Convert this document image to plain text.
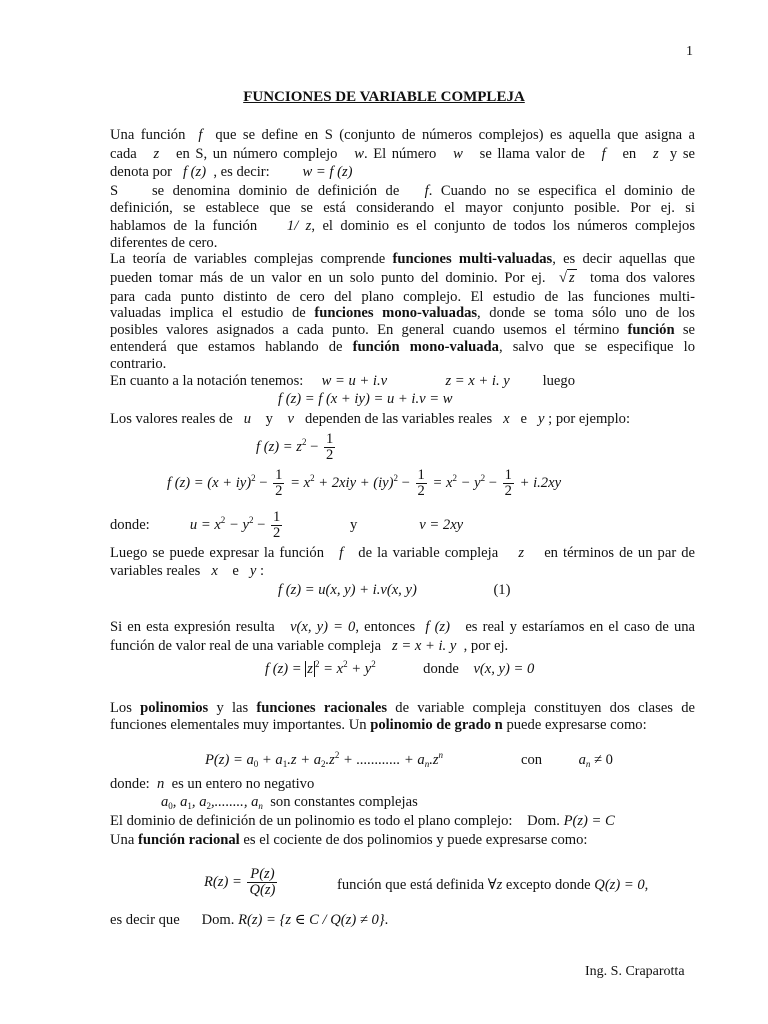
1
FUNCIONES DE VARIABLE COMPLEJA
Una función f que se define en S (conjunto de números complejos) es aquella que asigna a
cada z en S, un número complejo w. El número w se llama valor de f en z y se
denota por f (z) , es decir: w = f (z)
S se denomina dominio de definición de f. Cuando no se especifica el dominio de
definición, se establece que se está considerando el mayor conjunto posible. Por ej. si
hablamos de la función 1/ z, el dominio es el conjunto de todos los números complejos
diferentes de cero.
La teoría de variables complejas comprende funciones multi-valuadas, es decir aquellas que
pueden tomar más de un valor en un solo punto del dominio. Por ej. √ z toma dos valores
para cada punto distinto de cero del plano complejo. El estudio de las funciones multi-
valuadas implica el estudio de funciones mono-valuadas, donde se toma sólo uno de los
posibles valores asignados a cada punto. En general cuando usemos el término función se
entenderá que estamos hablando de función mono-valuada, salvo que se especifique lo
contrario.
En cuanto a la notación tenemos: w = u + i.v	z = x + i. y luego
f (z) = f (x + iy) = u + i.v = w
Los valores reales de u y v dependen de las variables reales x e y ; por ejemplo:
f $(z) = z^2 - \frac{1}{2}$
f $(z) = (x + iy)^2 - \frac{1}{2} = x^2 + 2xiy + (iy)^2 - \frac{1}{2} = x^2 - y^2 - \frac{1}{2} + i.2xy$
donde:	$u = x^2 - y^2 - \frac{1}{2}$	y	v = 2xy
Luego se puede expresar la función f de la variable compleja z en términos de un par de
variables reales x e y :
f (z) = u(x, y) + i.v(x, y)	(1)
Si en esta expresión resulta v(x, y) = 0, entonces f (z) es real y estaríamos en el caso de una
función de valor real de una variable compleja z = x + i. y , por ej.
f (z) = z $^2 = x^2 + y^2$	donde v(x, y) = 0
Los polinomios y las funciones racionales de variable compleja constituyen dos clases de
funciones elementales muy importantes. Un polinomio de grado n puede expresarse como:
$P(z) = a_0 + a_1.z + a_2.z^2$ + ............ + $a_n.z^n$	con $a_n \ne 0$
donde: n es un entero no negativo
$a_0$, $a_1$, $a_2$,........, $a_n$ son constantes complejas
El dominio de definición de un polinomio es todo el plano complejo: Dom. P(z) = C
Una función racional es el cociente de dos polinomios y puede expresarse como:
$R(z) = \frac{P(z)}{Q(z)}$	función que está definida ∀z excepto donde Q(z) = 0,
es decir que Dom. R(z) = {z ∈ C / Q(z) ≠ 0}.
Ing. S. Craparotta
